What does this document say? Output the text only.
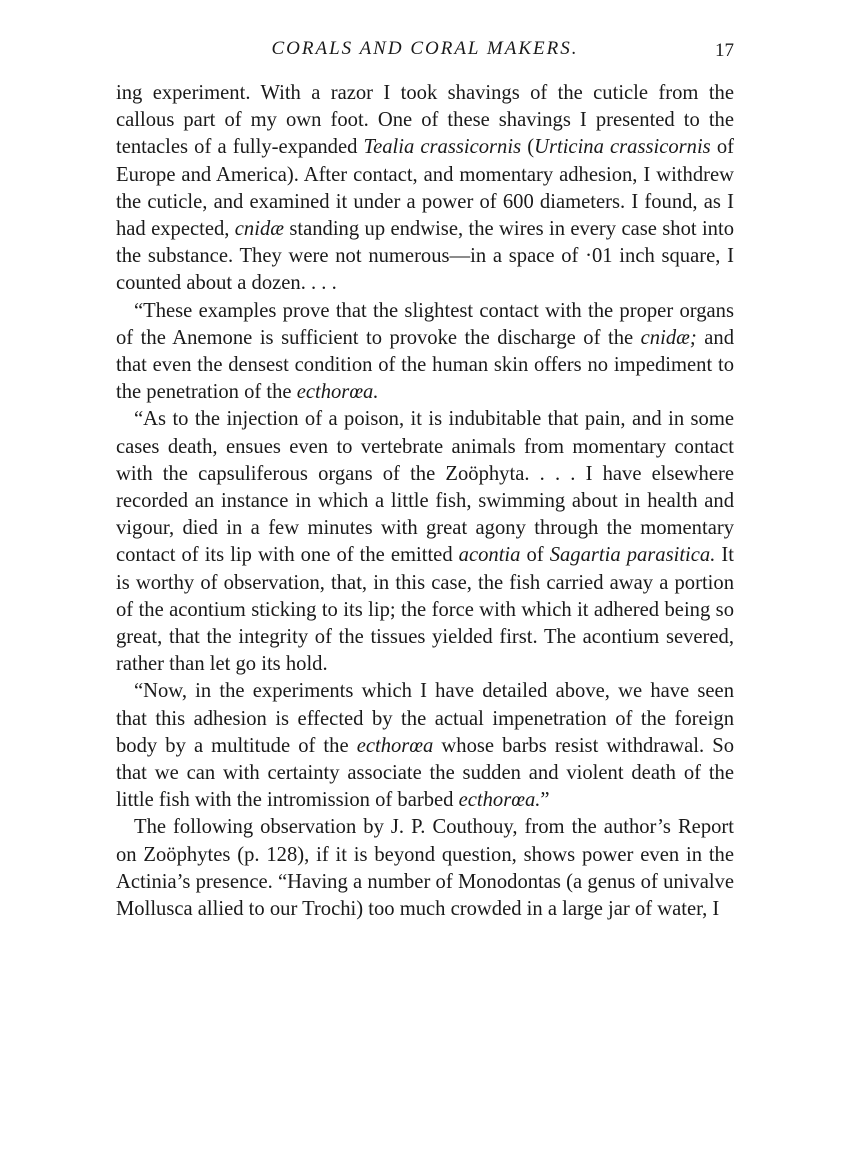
CORALS AND CORAL MAKERS.	17

ing experiment. With a razor I took shavings of the cuticle from the callous part of my own foot. One of these shavings I presented to the tentacles of a fully-expanded Tealia crassicornis (Urticina crassicornis of Europe and America). After contact, and momentary adhesion, I withdrew the cuticle, and examined it under a power of 600 diameters. I found, as I had expected, cnidæ standing up endwise, the wires in every case shot into the substance. They were not numerous—in a space of ·01 inch square, I counted about a dozen. . . .

“These examples prove that the slightest contact with the proper organs of the Anemone is sufficient to provoke the discharge of the cnidæ; and that even the densest condition of the human skin offers no impediment to the penetration of the ecthorœa.

“As to the injection of a poison, it is indubitable that pain, and in some cases death, ensues even to vertebrate animals from momentary contact with the capsuliferous organs of the Zoöphyta. . . . I have elsewhere recorded an instance in which a little fish, swimming about in health and vigour, died in a few minutes with great agony through the momentary contact of its lip with one of the emitted acontia of Sagartia parasitica. It is worthy of observation, that, in this case, the fish carried away a portion of the acontium sticking to its lip; the force with which it adhered being so great, that the integrity of the tissues yielded first. The acontium severed, rather than let go its hold.

“Now, in the experiments which I have detailed above, we have seen that this adhesion is effected by the actual impenetration of the foreign body by a multitude of the ecthorœa whose barbs resist withdrawal. So that we can with certainty associate the sudden and violent death of the little fish with the intromission of barbed ecthorœa.”

The following observation by J. P. Couthouy, from the author’s Report on Zoöphytes (p. 128), if it is beyond question, shows power even in the Actinia’s presence. “Having a number of Monodontas (a genus of univalve Mollusca allied to our Trochi) too much crowded in a large jar of water, I
